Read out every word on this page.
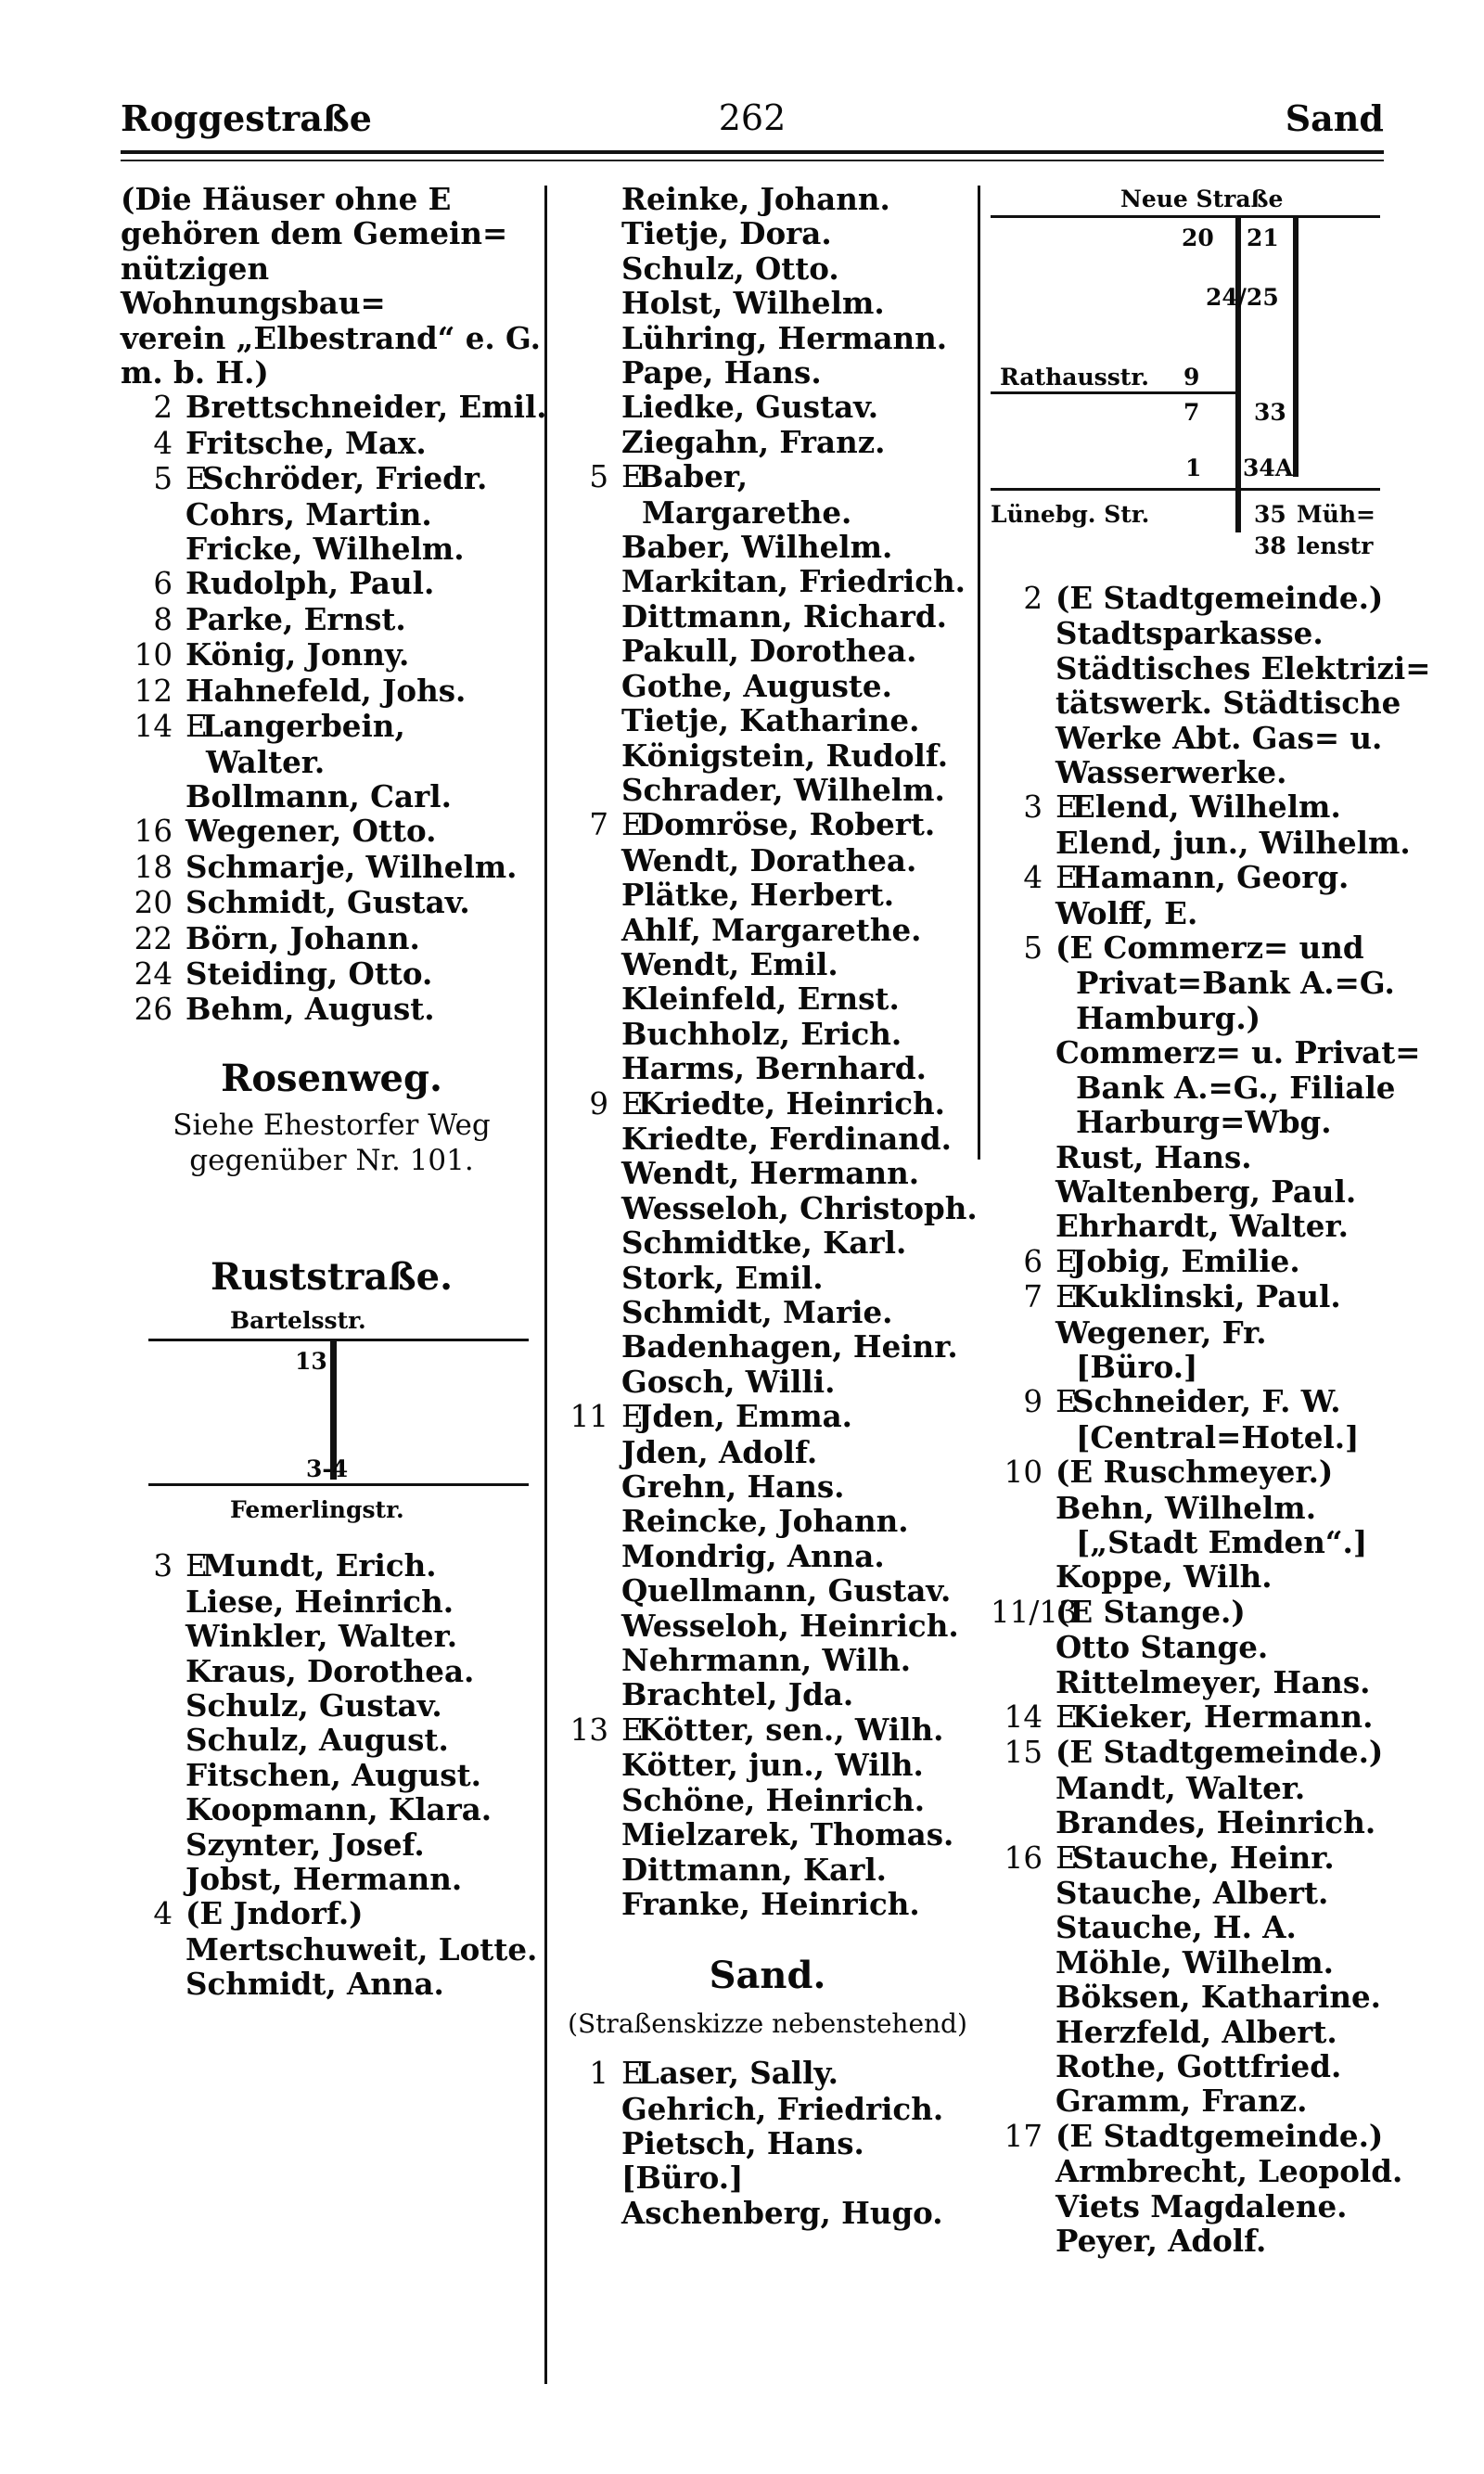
Roggestraße	262	Sand
(Die Häuser ohne E
gehören dem Gemein=
nützigen Wohnungsbau=
verein „Elbestrand“ e. G.
m. b. H.)
2 Brettschneider, Emil.
4 Fritsche, Max.
5 ESchröder, Friedr.
Cohrs, Martin.
Fricke, Wilhelm.
6 Rudolph, Paul.
8 Parke, Ernst.
10 König, Jonny.
12 Hahnefeld, Johs.
14 ELangerbein,
Walter.
Bollmann, Carl.
16 Wegener, Otto.
18 Schmarje, Wilhelm.
20 Schmidt, Gustav.
22 Börn, Johann.
24 Steiding, Otto.
26 Behm, August.
Rosenweg.
Siehe Ehestorfer Weg
gegenüber Nr. 101.
Ruststraße.
Bartelsstr.
13
3-4
Femerlingstr.
3 EMundt, Erich.
Liese, Heinrich.
Winkler, Walter.
Kraus, Dorothea.
Schulz, Gustav.
Schulz, August.
Fitschen, August.
Koopmann, Klara.
Szynter, Josef.
Jobst, Hermann.
4 (E Jndorf.)
Mertschuweit, Lotte.
Schmidt, Anna.
Reinke, Johann.
Tietje, Dora.
Schulz, Otto.
Holst, Wilhelm.
Lühring, Hermann.
Pape, Hans.
Liedke, Gustav.
Ziegahn, Franz.
5 EBaber,
Margarethe.
Baber, Wilhelm.
Markitan, Friedrich.
Dittmann, Richard.
Pakull, Dorothea.
Gothe, Auguste.
Tietje, Katharine.
Königstein, Rudolf.
Schrader, Wilhelm.
7 EDomröse, Robert.
Wendt, Dorathea.
Plätke, Herbert.
Ahlf, Margarethe.
Wendt, Emil.
Kleinfeld, Ernst.
Buchholz, Erich.
Harms, Bernhard.
9 EKriedte, Heinrich.
Kriedte, Ferdinand.
Wendt, Hermann.
Wesseloh, Christoph.
Schmidtke, Karl.
Stork, Emil.
Schmidt, Marie.
Badenhagen, Heinr.
Gosch, Willi.
11 EJden, Emma.
Jden, Adolf.
Grehn, Hans.
Reincke, Johann.
Mondrig, Anna.
Quellmann, Gustav.
Wesseloh, Heinrich.
Nehrmann, Wilh.
Brachtel, Jda.
13 EKötter, sen., Wilh.
Kötter, jun., Wilh.
Schöne, Heinrich.
Mielzarek, Thomas.
Dittmann, Karl.
Franke, Heinrich.
Sand.
(Straßenskizze nebenstehend)
1 ELaser, Sally.
Gehrich, Friedrich.
Pietsch, Hans.
[Büro.]
Aschenberg, Hugo.
Neue Straße
20 21
24/25
Rathausstr. 9
7 33
1 34A
Lünebg. Str.	35 Müh=
38 lenstr
2 (E Stadtgemeinde.)
Stadtsparkasse.
Städtisches Elektrizi=
tätswerk. Städtische
Werke Abt. Gas= u.
Wasserwerke.
3 EElend, Wilhelm.
Elend, jun., Wilhelm.
4 EHamann, Georg.
Wolff, E.
5 (E Commerz= und
Privat=Bank A.=G.
Hamburg.)
Commerz= u. Privat=
Bank A.=G., Filiale
Harburg=Wbg.
Rust, Hans.
Waltenberg, Paul.
Ehrhardt, Walter.
6 EJobig, Emilie.
7 EKuklinski, Paul.
Wegener, Fr.
[Büro.]
9 ESchneider, F. W.
[Central=Hotel.]
10 (E Ruschmeyer.)
Behn, Wilhelm.
[„Stadt Emden“.]
Koppe, Wilh.
11/13(E Stange.)
Otto Stange.
Rittelmeyer, Hans.
14 EKieker, Hermann.
15 (E Stadtgemeinde.)
Mandt, Walter.
Brandes, Heinrich.
16 EStauche, Heinr.
Stauche, Albert.
Stauche, H. A.
Möhle, Wilhelm.
Böksen, Katharine.
Herzfeld, Albert.
Rothe, Gottfried.
Gramm, Franz.
17 (E Stadtgemeinde.)
Armbrecht, Leopold.
Viets Magdalene.
Peyer, Adolf.
